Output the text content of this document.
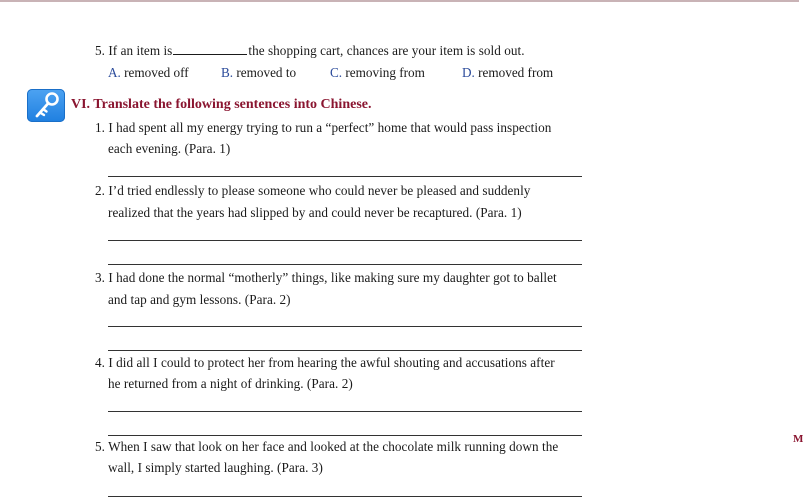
5. If an item is	the shopping cart, chances are your item is sold out.
A. removed off B. removed to	C. removing from	D. removed from
VI. Translate the following sentences into Chinese.
1. I had spent all my energy trying to run a “perfect” home that would pass inspection
each evening. (Para. 1)
2. I’d tried endlessly to please someone who could never be pleased and suddenly
realized that the years had slipped by and could never be recaptured. (Para. 1)
3. I had done the normal “motherly” things, like making sure my daughter got to ballet
and tap and gym lessons. (Para. 2)
4. I did all I could to protect her from hearing the awful shouting and accusations after
he returned from a night of drinking. (Para. 2)
5. When I saw that look on her face and looked at the chocolate milk running down the
wall, I simply started laughing. (Para. 3)
M
